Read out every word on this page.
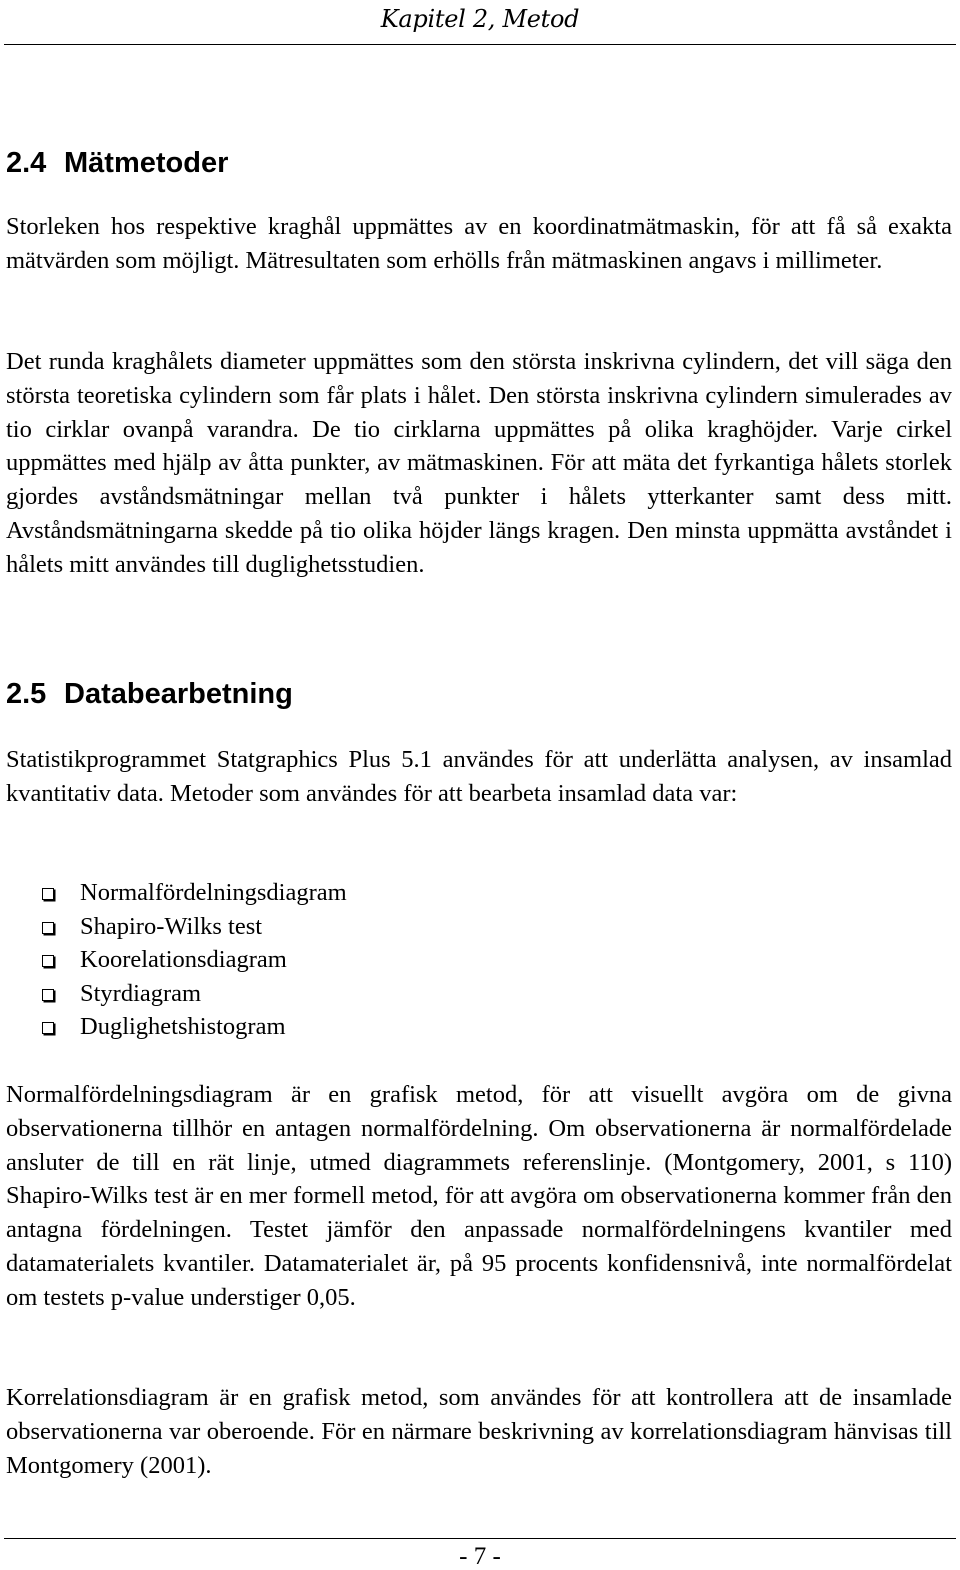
Kapitel 2, Metod
2.4 Mätmetoder

Storleken hos respektive kraghål uppmättes av en koordinatmätmaskin, för att få så exakta mätvärden som möjligt. Mätresultaten som erhölls från mätmaskinen angavs i millimeter.

Det runda kraghålets diameter uppmättes som den största inskrivna cylindern, det vill säga den största teoretiska cylindern som får plats i hålet. Den största inskrivna cylindern simulerades av tio cirklar ovanpå varandra. De tio cirklarna uppmättes på olika kraghöjder. Varje cirkel uppmättes med hjälp av åtta punkter, av mätmaskinen. För att mäta det fyrkantiga hålets storlek gjordes avståndsmätningar mellan två punkter i hålets ytterkanter samt dess mitt. Avståndsmätningarna skedde på tio olika höjder längs kragen. Den minsta uppmätta avståndet i hålets mitt användes till duglighetsstudien.

2.5 Databearbetning

Statistikprogrammet Statgraphics Plus 5.1 användes för att underlätta analysen, av insamlad kvantitativ data. Metoder som användes för att bearbeta insamlad data var:

Normalfördelningsdiagram
Shapiro-Wilks test
Koorelationsdiagram
Styrdiagram
Duglighetshistogram

Normalfördelningsdiagram är en grafisk metod, för att visuellt avgöra om de givna observationerna tillhör en antagen normalfördelning. Om observationerna är normalfördelade ansluter de till en rät linje, utmed diagrammets referenslinje. (Montgomery, 2001, s 110) Shapiro-Wilks test är en mer formell metod, för att avgöra om observationerna kommer från den antagna fördelningen. Testet jämför den anpassade normalfördelningens kvantiler med datamaterialets kvantiler. Datamaterialet är, på 95 procents konfidensnivå, inte normalfördelat om testets p-value understiger 0,05.

Korrelationsdiagram är en grafisk metod, som användes för att kontrollera att de insamlade observationerna var oberoende. För en närmare beskrivning av korrelationsdiagram hänvisas till Montgomery (2001).

- 7 -
